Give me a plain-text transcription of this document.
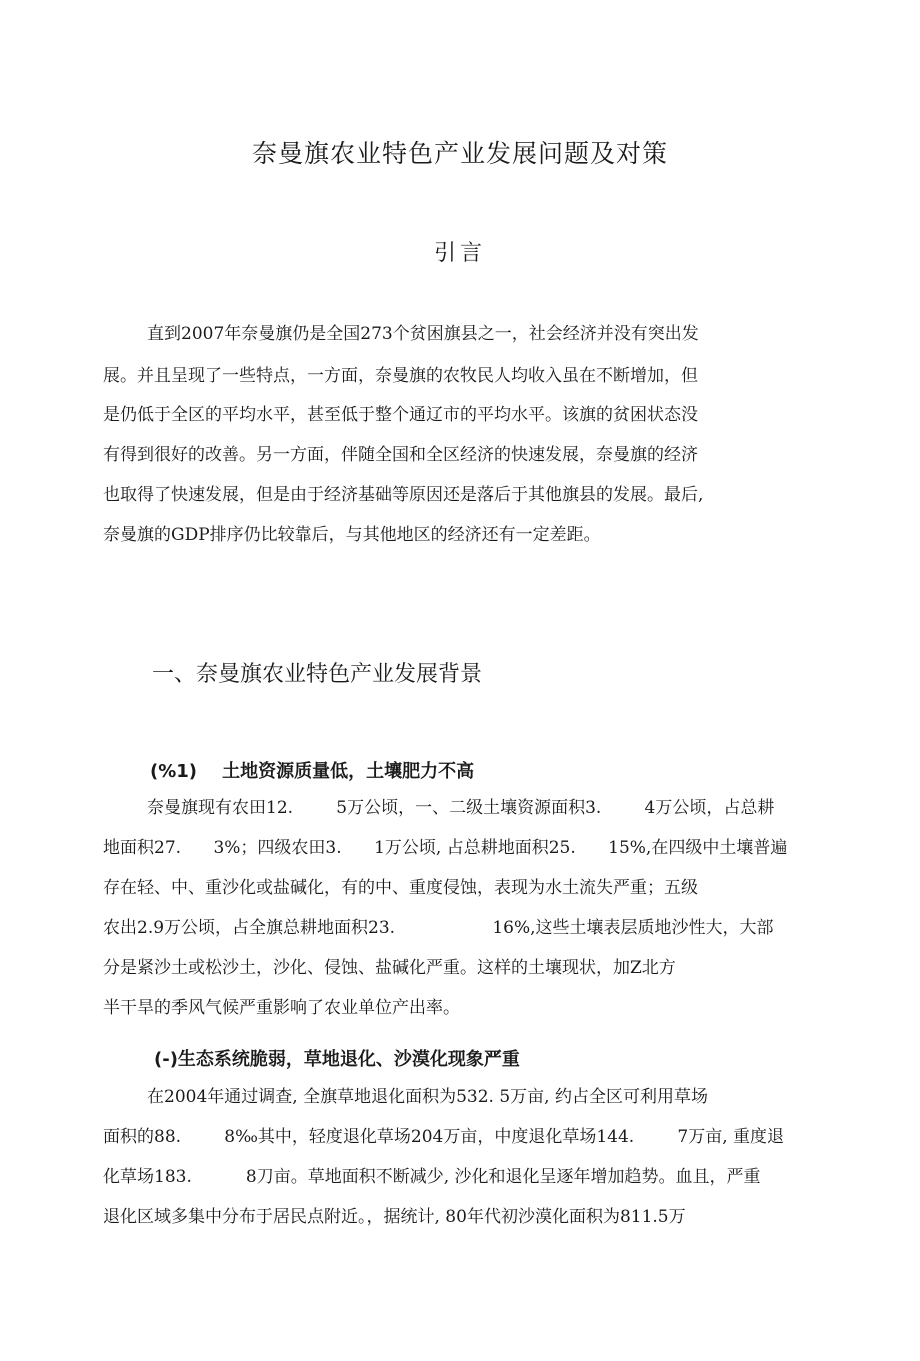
奈曼旗农业特色产业发展问题及对策
引言

直到2007年奈曼旗仍是全国273个贫困旗县之一，社会经济并没有突出发

展。并且呈现了一些特点，一方面，奈曼旗的农牧民人均收入虽在不断增加，但

是仍低于全区的平均水平，甚至低于整个通辽市的平均水平。该旗的贫困状态没

有得到很好的改善。另一方面，伴随全国和全区经济的快速发展，奈曼旗的经济

也取得了快速发展，但是由于经济基础等原因还是落后于其他旗县的发展。最后,

奈曼旗的GDP排序仍比较靠后，与其他地区的经济还有一定差距。

一、奈曼旗农业特色产业发展背景
(%1)    土地资源质量低，土壤肥力不高

奈曼旗现有农田12.        5万公顷，一、二级土壤资源面积3.        4万公顷，占总耕

地面积27.      3%；四级农田3.      1万公顷, 占总耕地面积25.      15%,在四级中土壤普遍

存在轻、中、重沙化或盐碱化，有的中、重度侵蚀，表现为水土流失严重；五级

农出2.9万公顷，占全旗总耕地面积23.                  16%,这些土壤表层质地沙性大，大部

分是紧沙土或松沙土，沙化、侵蚀、盐碱化严重。这样的土壤现状，加Z北方

半干旱的季风气候严重影响了农业单位产出率。

(-)生态系统脆弱，草地退化、沙漠化现象严重

在2004年通过调查, 全旗草地退化面积为532. 5万亩, 约占全区可利用草场

面积的88.        8‰其中，轻度退化草场204万亩，中度退化草场144.        7万亩, 重度退

化草场183.          8刀亩。草地面积不断减少, 沙化和退化呈逐年增加趋势。血且，严重

退化区域多集中分布于居民点附近。，据统计, 80年代初沙漠化面积为811.5万
